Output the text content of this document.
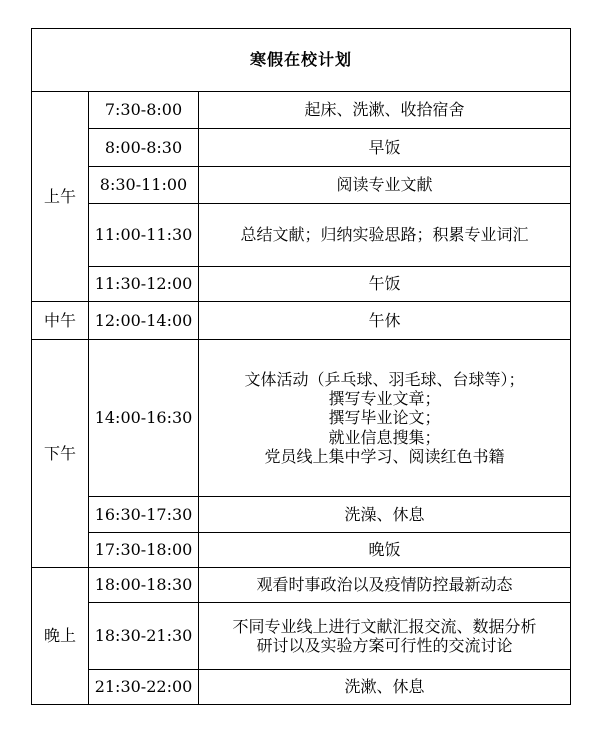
寒假在校计划		
上午	7:30-8:00	起床、洗漱、收拾宿舍

	8:00-8:30	早饭

	8:30-11:00	阅读专业文献

	11:00-11:30	总结文献；归纳实验思路；积累专业词汇

	11:30-12:00	午饭

中午	12:00-14:00	午休

下午	14:00-16:30	文体活动（乒乓球、羽毛球、台球等）；
撰写专业文章；
撰写毕业论文；
就业信息搜集；
党员线上集中学习、阅读红色书籍

	16:30-17:30	洗澡、休息

	17:30-18:00	晚饭

晚上	18:00-18:30	观看时事政治以及疫情防控最新动态

	18:30-21:30	不同专业线上进行文献汇报交流、数据分析
研讨以及实验方案可行性的交流讨论

	21:30-22:00	洗漱、休息
